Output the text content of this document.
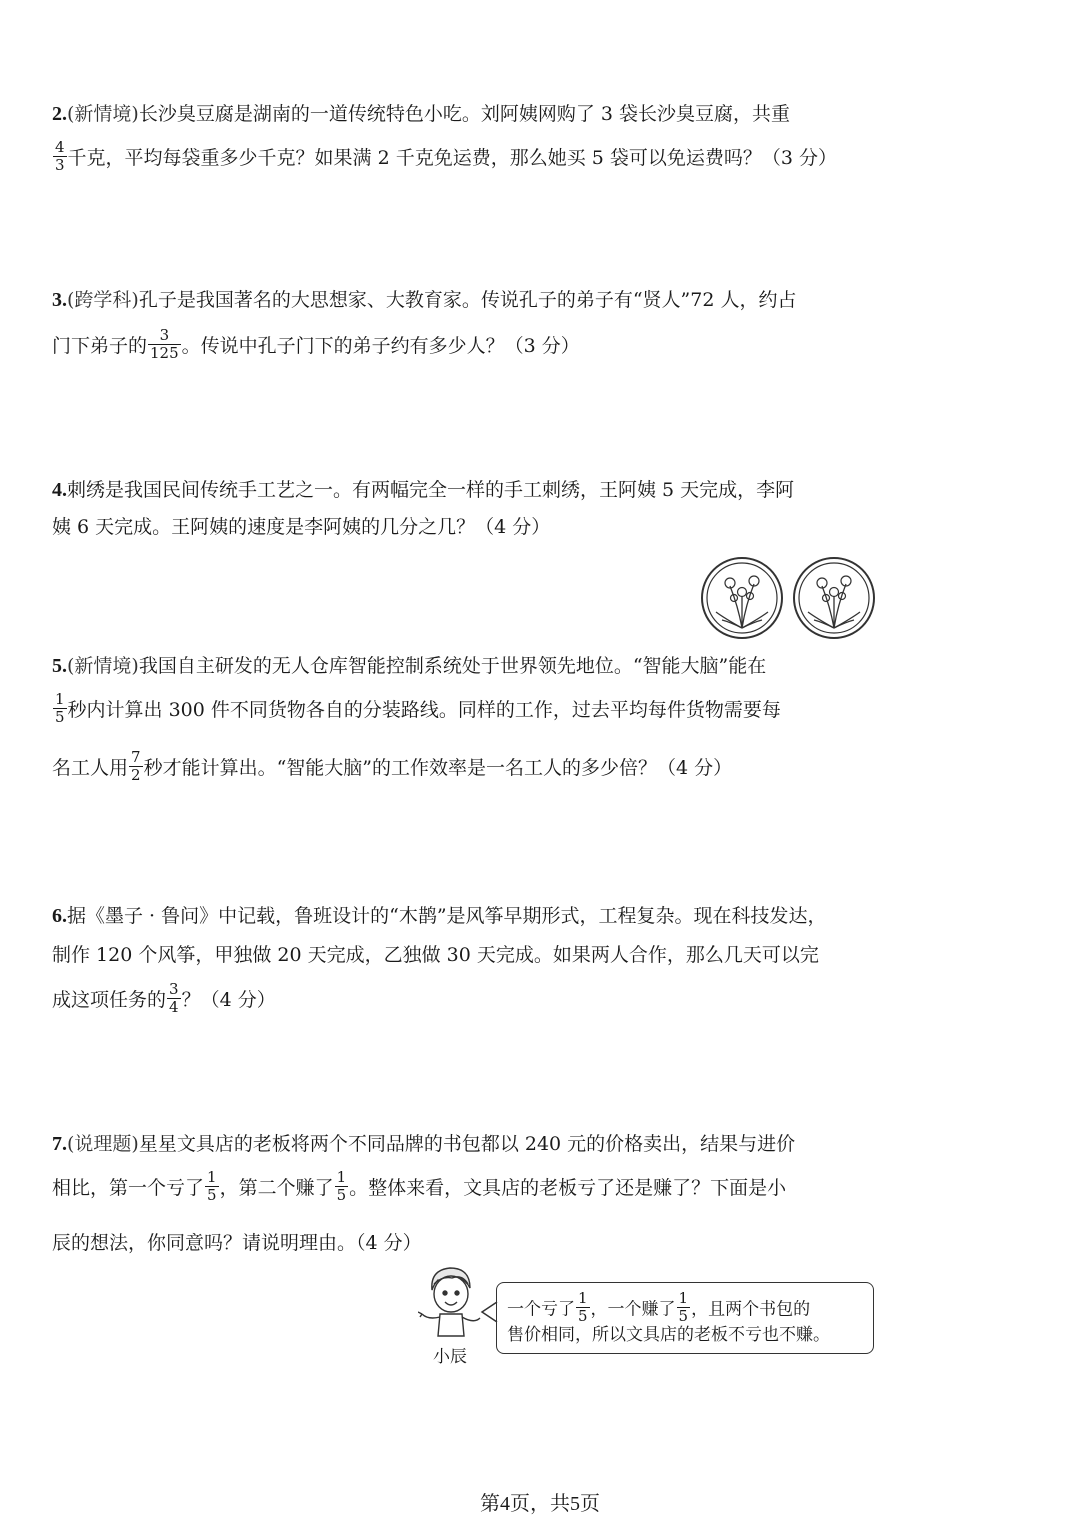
2.(新情境)长沙臭豆腐是湖南的一道传统特色小吃。刘阿姨网购了 3 袋长沙臭豆腐，共重
$\frac{4}{3}$ 千克，平均每袋重多少千克？如果满 2 千克免运费，那么她买 5 袋可以免运费吗？（3 分）
3.(跨学科)孔子是我国著名的大思想家、大教育家。传说孔子的弟子有“贤人”72 人，约占
门下弟子的 $\frac{3}{125}$ 。传说中孔子门下的弟子约有多少人？（3 分）
4.刺绣是我国民间传统手工艺之一。有两幅完全一样的手工刺绣，王阿姨 5 天完成，李阿
姨 6 天完成。王阿姨的速度是李阿姨的几分之几？（4 分）
5.(新情境)我国自主研发的无人仓库智能控制系统处于世界领先地位。“智能大脑”能在
$\frac{1}{5}$ 秒内计算出 300 件不同货物各自的分装路线。同样的工作，过去平均每件货物需要每
名工人用 $\frac{7}{2}$ 秒才能计算出。“智能大脑”的工作效率是一名工人的多少倍？（4 分）
6.据《墨子 · 鲁问》中记载，鲁班设计的“木鹊”是风筝早期形式，工程复杂。现在科技发达，
制作 120 个风筝，甲独做 20 天完成，乙独做 30 天完成。如果两人合作，那么几天可以完
成这项任务的 $\frac{3}{4}$ ？（4 分）
7.(说理题)星星文具店的老板将两个不同品牌的书包都以 240 元的价格卖出，结果与进价
相比，第一个亏了 $\frac{1}{5}$ ，第二个赚了 $\frac{1}{5}$ 。整体来看，文具店的老板亏了还是赚了？下面是小
辰的想法，你同意吗？请说明理由。（4 分）
小辰
一个亏了 $\frac{1}{5}$ ，一个赚了 $\frac{1}{5}$ ，且两个书包的
售价相同，所以文具店的老板不亏也不赚。
第4页，共5页
